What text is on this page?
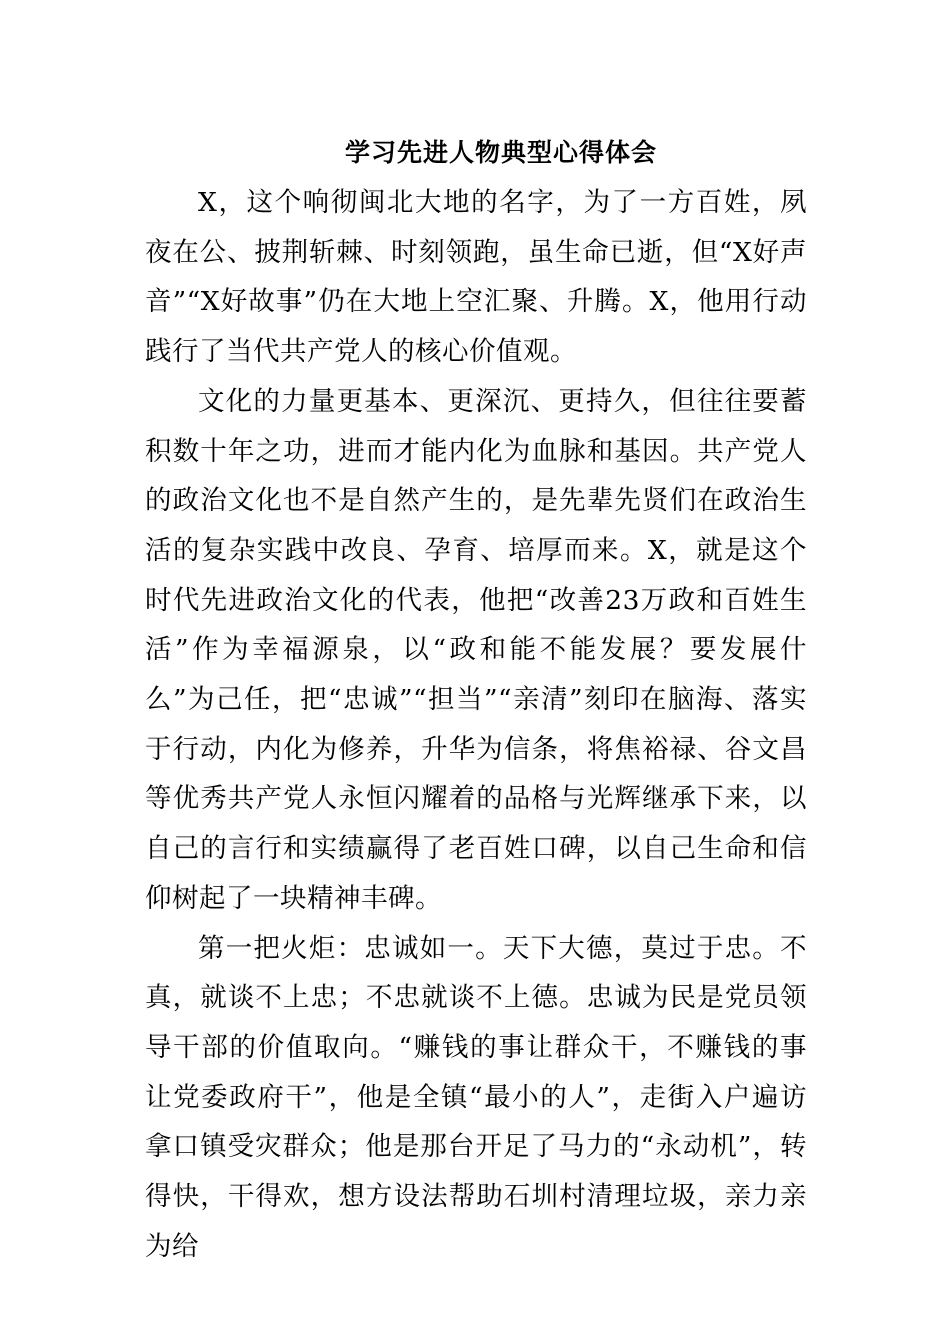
学习先进人物典型心得体会

X，这个响彻闽北大地的名字，为了一方百姓，夙夜在公、披荆斩棘、时刻领跑，虽生命已逝，但“X好声音”“X好故事”仍在大地上空汇聚、升腾。X，他用行动践行了当代共产党人的核心价值观。

文化的力量更基本、更深沉、更持久，但往往要蓄积数十年之功，进而才能内化为血脉和基因。共产党人的政治文化也不是自然产生的，是先辈先贤们在政治生活的复杂实践中改良、孕育、培厚而来。X，就是这个时代先进政治文化的代表，他把“改善23万政和百姓生活”作为幸福源泉，以“政和能不能发展？要发展什么”为己任，把“忠诚”“担当”“亲清”刻印在脑海、落实于行动，内化为修养，升华为信条，将焦裕禄、谷文昌等优秀共产党人永恒闪耀着的品格与光辉继承下来，以自己的言行和实绩赢得了老百姓口碑，以自己生命和信仰树起了一块精神丰碑。

第一把火炬：忠诚如一。天下大德，莫过于忠。不真，就谈不上忠；不忠就谈不上德。忠诚为民是党员领导干部的价值取向。“赚钱的事让群众干，不赚钱的事让党委政府干”，他是全镇“最小的人”，走街入户遍访拿口镇受灾群众；他是那台开足了马力的“永动机”，转得快，干得欢，想方设法帮助石圳村清理垃圾，亲力亲为给
